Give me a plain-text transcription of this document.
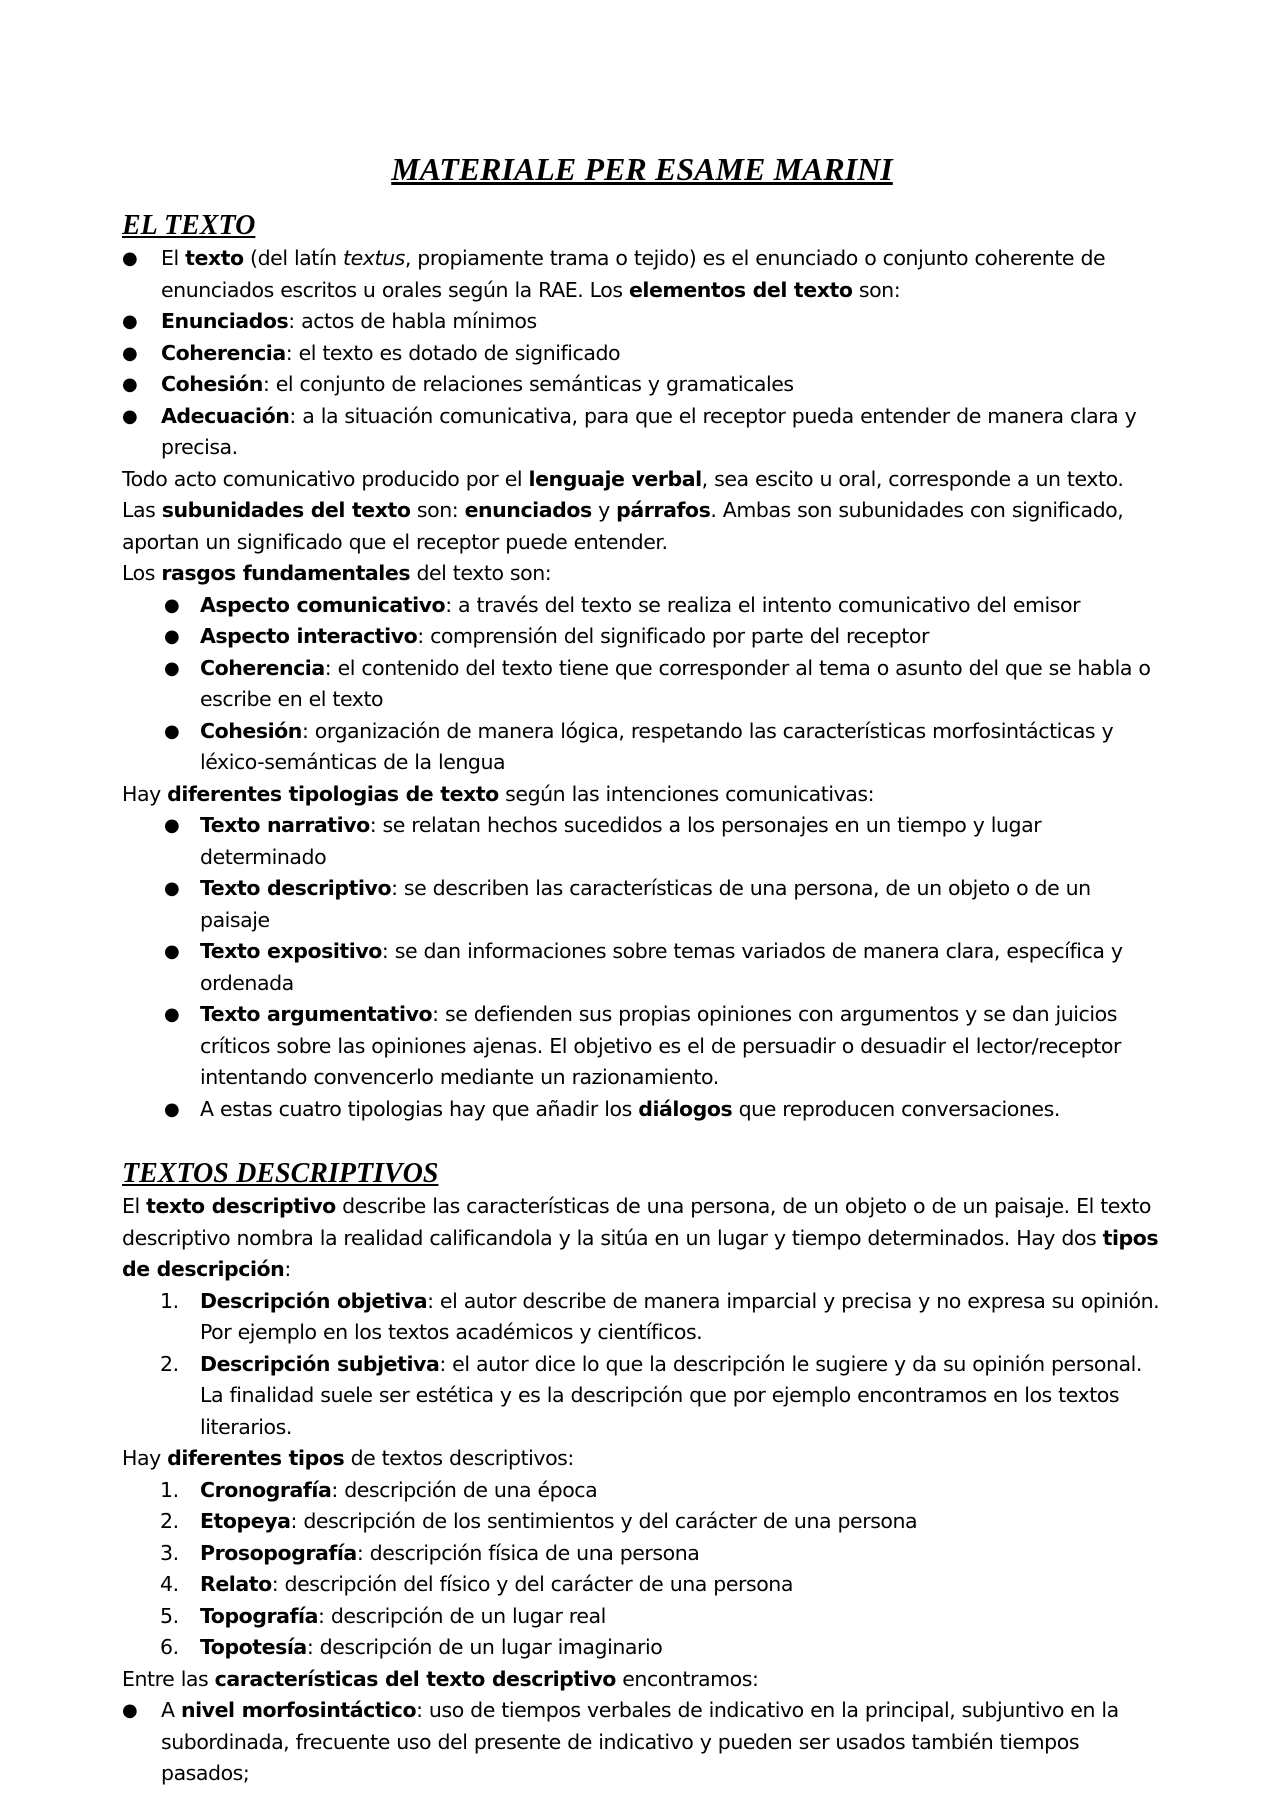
MATERIALE PER ESAME MARINI
EL TEXTO
● El texto (del latín textus, propiamente trama o tejido) es el enunciado o conjunto coherente de enunciados escritos u orales según la RAE. Los elementos del texto son:
● Enunciados: actos de habla mínimos
● Coherencia: el texto es dotado de significado
● Cohesión: el conjunto de relaciones semánticas y gramaticales
● Adecuación: a la situación comunicativa, para que el receptor pueda entender de manera clara y precisa.

Todo acto comunicativo producido por el lenguaje verbal, sea escito u oral, corresponde a un texto.

Las subunidades del texto son: enunciados y párrafos. Ambas son subunidades con significado, aportan un significado que el receptor puede entender.

Los rasgos fundamentales del texto son:

● Aspecto comunicativo: a través del texto se realiza el intento comunicativo del emisor
● Aspecto interactivo: comprensión del significado por parte del receptor
● Coherencia: el contenido del texto tiene que corresponder al tema o asunto del que se habla o escribe en el texto
● Cohesión: organización de manera lógica, respetando las características morfosintácticas y léxico-semánticas de la lengua

Hay diferentes tipologias de texto según las intenciones comunicativas:

● Texto narrativo: se relatan hechos sucedidos a los personajes en un tiempo y lugar determinado
● Texto descriptivo: se describen las características de una persona, de un objeto o de un paisaje
● Texto expositivo: se dan informaciones sobre temas variados de manera clara, específica y ordenada
● Texto argumentativo: se defienden sus propias opiniones con argumentos y se dan juicios críticos sobre las opiniones ajenas. El objetivo es el de persuadir o desuadir el lector/receptor intentando convencerlo mediante un razionamiento.
● A estas cuatro tipologias hay que añadir los diálogos que reproducen conversaciones.
TEXTOS DESCRIPTIVOS

El texto descriptivo describe las características de una persona, de un objeto o de un paisaje. El texto descriptivo nombra la realidad calificandola y la sitúa en un lugar y tiempo determinados. Hay dos tipos de descripción:

1. Descripción objetiva: el autor describe de manera imparcial y precisa y no expresa su opinión. Por ejemplo en los textos académicos y científicos.
2. Descripción subjetiva: el autor dice lo que la descripción le sugiere y da su opinión personal. La finalidad suele ser estética y es la descripción que por ejemplo encontramos en los textos literarios.

Hay diferentes tipos de textos descriptivos:

1. Cronografía: descripción de una época
2. Etopeya: descripción de los sentimientos y del carácter de una persona
3. Prosopografía: descripción física de una persona
4. Relato: descripción del físico y del carácter de una persona
5. Topografía: descripción de un lugar real
6. Topotesía: descripción de un lugar imaginario

Entre las características del texto descriptivo encontramos:

● A nivel morfosintáctico: uso de tiempos verbales de indicativo en la principal, subjuntivo en la subordinada, frecuente uso del presente de indicativo y pueden ser usados también tiempos pasados;
